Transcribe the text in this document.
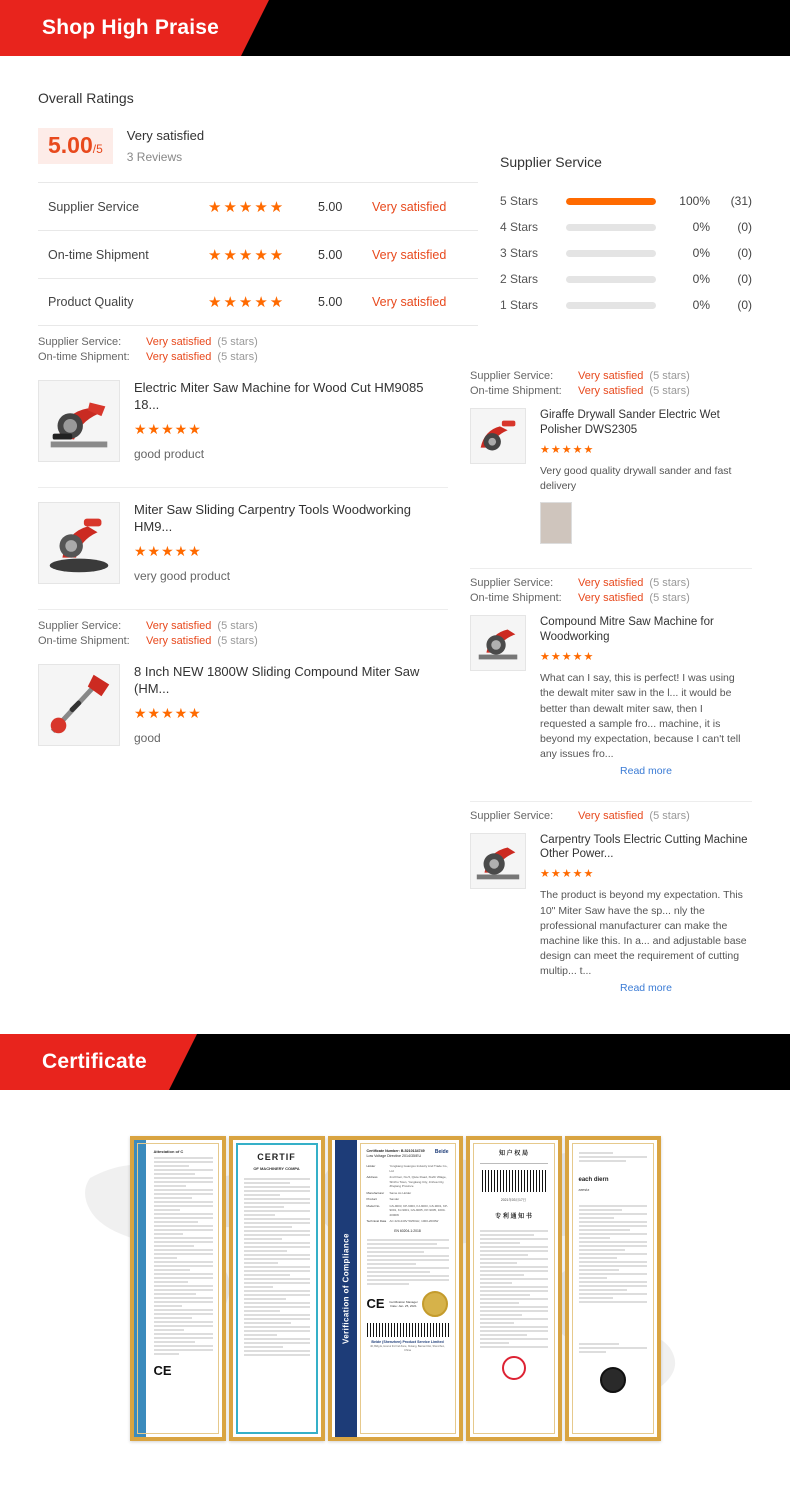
Shop High Praise
Overall Ratings
5.00/5
Very satisfied
3 Reviews
Supplier Service	★★★★★	5.00	Very satisfied
On-time Shipment	★★★★★	5.00	Very satisfied
Product Quality	★★★★★	5.00	Very satisfied
Supplier Service
5 Stars	100%	(31)
4 Stars	0%	(0)
3 Stars	0%	(0)
2 Stars	0%	(0)
1 Stars	0%	(0)
Supplier Service:	Very satisfied (5 stars)
On-time Shipment:	Very satisfied (5 stars)
Electric Miter Saw Machine for Wood Cut HM9085 18...
★★★★★
good product
Miter Saw Sliding Carpentry Tools Woodworking HM9...
★★★★★
very good product
Supplier Service:	Very satisfied (5 stars)
On-time Shipment:	Very satisfied (5 stars)
8 Inch NEW 1800W Sliding Compound Miter Saw (HM...
★★★★★
good
Supplier Service:	Very satisfied (5 stars)
On-time Shipment:	Very satisfied (5 stars)
Giraffe Drywall Sander Electric Wet Polisher DWS2305
★★★★★
Very good quality drywall sander and fast delivery
Supplier Service:	Very satisfied (5 stars)
On-time Shipment:	Very satisfied (5 stars)
Compound Mitre Saw Machine for Woodworking
★★★★★
What can I say, this is perfect! I was using the dewalt miter saw in the l... it would be better than dewalt miter saw, then I requested a sample fro... machine, it is beyond my expectation, because I can't tell any issues fro...
Read more
Supplier Service:	Very satisfied (5 stars)
Carpentry Tools Electric Cutting Machine Other Power...
★★★★★
The product is beyond my expectation. This 10" Miter Saw have the sp... nly the professional manufacturer can make the machine like this. In a... and adjustable base design can meet the requirement of cutting multip... t...
Read more
Certificate
Attestation of C
CE
CERTIF
OF MACHINERY COMPA
Verification of Compliance
Certificate Number: B-5210134749
Low Voltage Directive 2014/35/EU
Beide
Holder	Yongkang Guangxu Industry And Trade Co., Ltd
Address	2nd Floor, No.5, Qiute Road, Xiafzi Village, Shizhu Town, Yongkang City, Jinhua City, Zhejiang Province
Manufacturer	Same As Holder
Product	Sander
Model No.	GS-9003, KP-9003, KJ-9003, GS-9001, KP-9001, KJ-9001, GS-9005, KP-9005, 1000-2000W
Technical Data AC 220-240V 50/60Hz, 1000-2000W
EN 60204-1:2018
CE Certification Manager
Date: Jan. 25, 2021
Beide (Shenzhen) Product Service Limited
4F, Bldg E, Hourui 3rd Ind Zone, Xixiang, Bao'an Dist, Shenzhen, China
知 户 权 局
2021年03月17日
专 利 通 知 书
each diern
arestz
